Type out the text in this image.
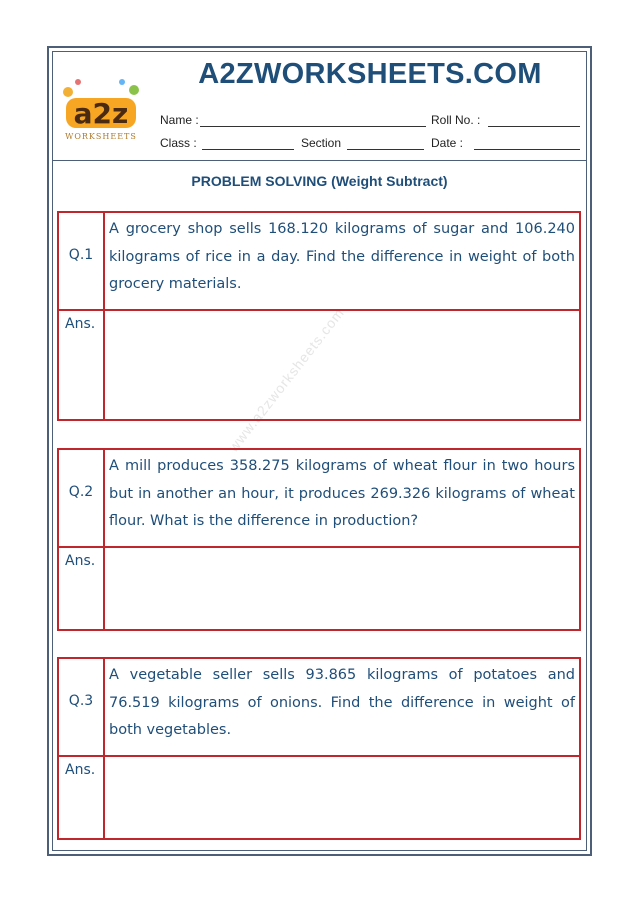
a2z
WORKSHEETS
A2ZWORKSHEETS.COM
Name :	Roll No. :
Class :	Section	Date :
PROBLEM SOLVING (Weight Subtract)
www.a2zworksheets.com
Q.1
A grocery shop sells 168.120 kilograms of sugar and 106.240 kilograms of rice in a day. Find the difference in weight of both grocery materials.
Ans.
Q.2
A mill produces 358.275 kilograms of wheat flour in two hours but in another an hour, it produces 269.326 kilograms of wheat flour. What is the difference in production?
Ans.
Q.3
A vegetable seller sells 93.865 kilograms of potatoes and 76.519 kilograms of onions. Find the difference in weight of both vegetables.
Ans.
